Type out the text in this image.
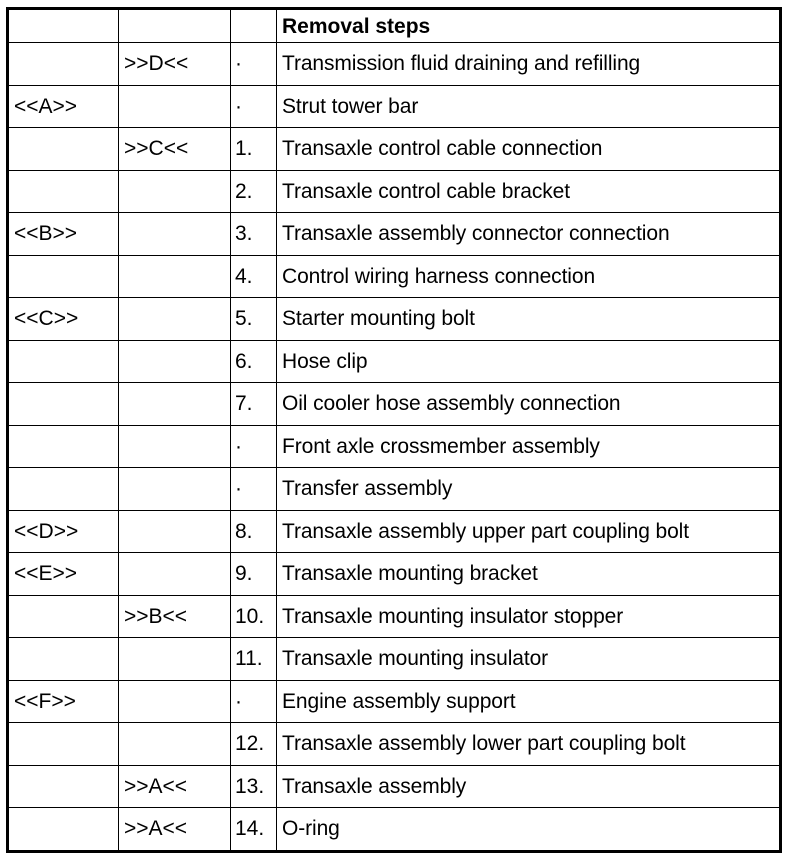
			Removal steps
	>>D<<	·	Transmission fluid draining and refilling
<<A>>		·	Strut tower bar
	>>C<<	1.	Transaxle control cable connection
		2.	Transaxle control cable bracket
<<B>>		3.	Transaxle assembly connector connection
		4.	Control wiring harness connection
<<C>>		5.	Starter mounting bolt
		6.	Hose clip
		7.	Oil cooler hose assembly connection
		·	Front axle crossmember assembly
		·	Transfer assembly
<<D>>		8.	Transaxle assembly upper part coupling bolt
<<E>>		9.	Transaxle mounting bracket
	>>B<<	10.	Transaxle mounting insulator stopper
		11.	Transaxle mounting insulator
<<F>>		·	Engine assembly support
		12.	Transaxle assembly lower part coupling bolt
	>>A<<	13.	Transaxle assembly
	>>A<<	14.	O-ring
